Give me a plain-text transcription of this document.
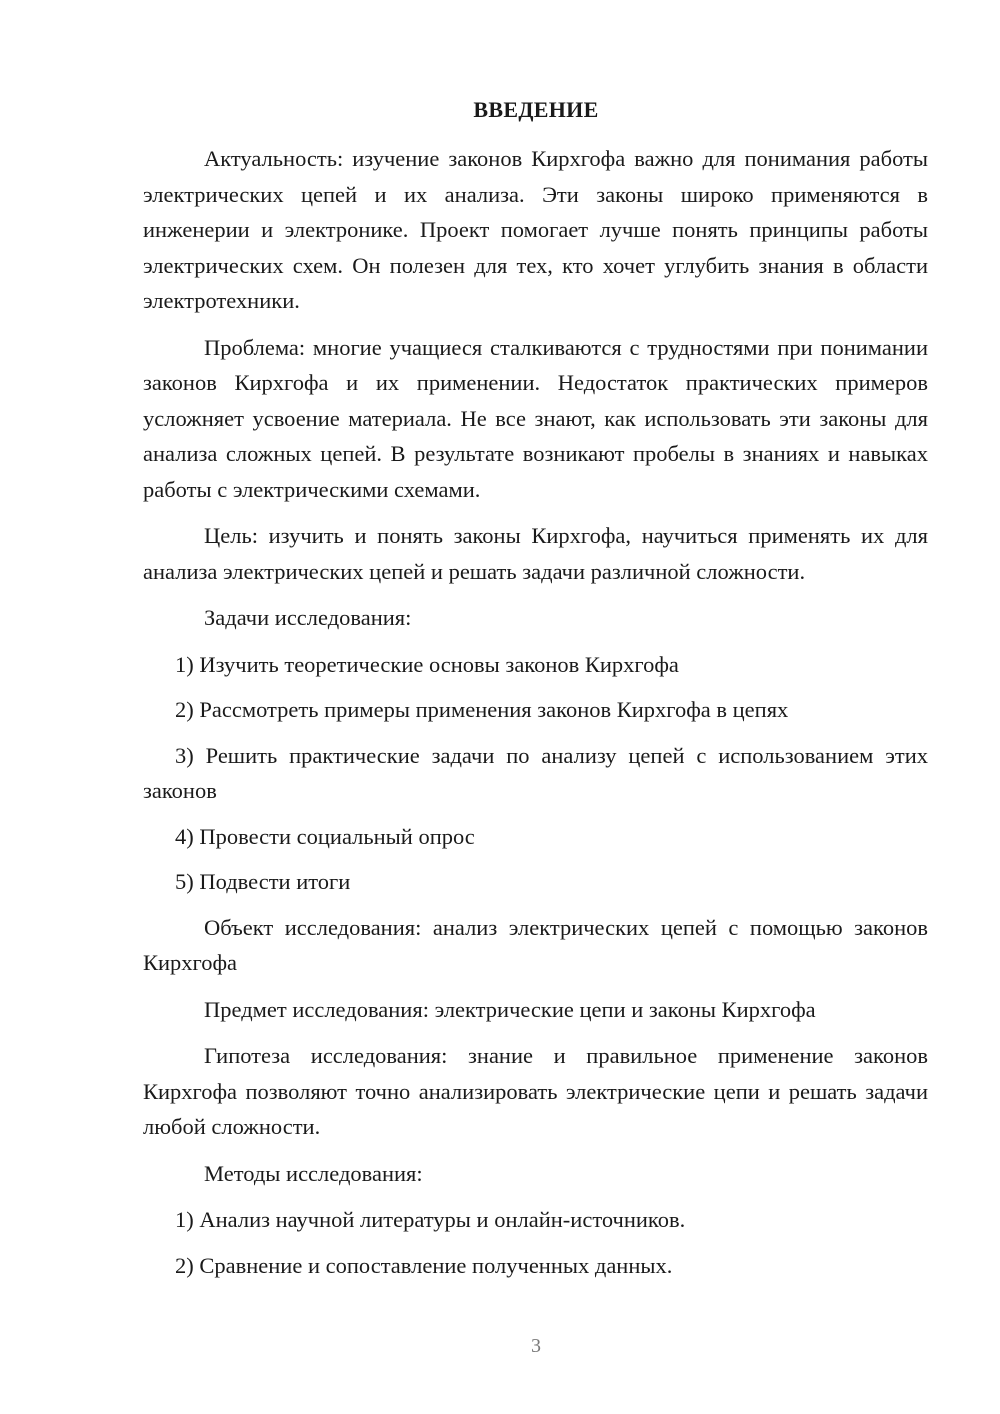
ВВЕДЕНИЕ

Актуальность: изучение законов Кирхгофа важно для понимания работы электрических цепей и их анализа. Эти законы широко применяются в инженерии и электронике. Проект помогает лучше понять принципы работы электрических схем. Он полезен для тех, кто хочет углубить знания в области электротехники.

Проблема: многие учащиеся сталкиваются с трудностями при понимании законов Кирхгофа и их применении. Недостаток практических примеров усложняет усвоение материала. Не все знают, как использовать эти законы для анализа сложных цепей. В результате возникают пробелы в знаниях и навыках работы с электрическими схемами.

Цель: изучить и понять законы Кирхгофа, научиться применять их для анализа электрических цепей и решать задачи различной сложности.

Задачи исследования:

1) Изучить теоретические основы законов Кирхгофа

2) Рассмотреть примеры применения законов Кирхгофа в цепях

3) Решить практические задачи по анализу цепей с использованием этих законов

4) Провести социальный опрос

5) Подвести итоги

Объект исследования: анализ электрических цепей с помощью законов Кирхгофа

Предмет исследования: электрические цепи и законы Кирхгофа

Гипотеза исследования: знание и правильное применение законов Кирхгофа позволяют точно анализировать электрические цепи и решать задачи любой сложности.

Методы исследования:

1) Анализ научной литературы и онлайн-источников.

2) Сравнение и сопоставление полученных данных.

3
